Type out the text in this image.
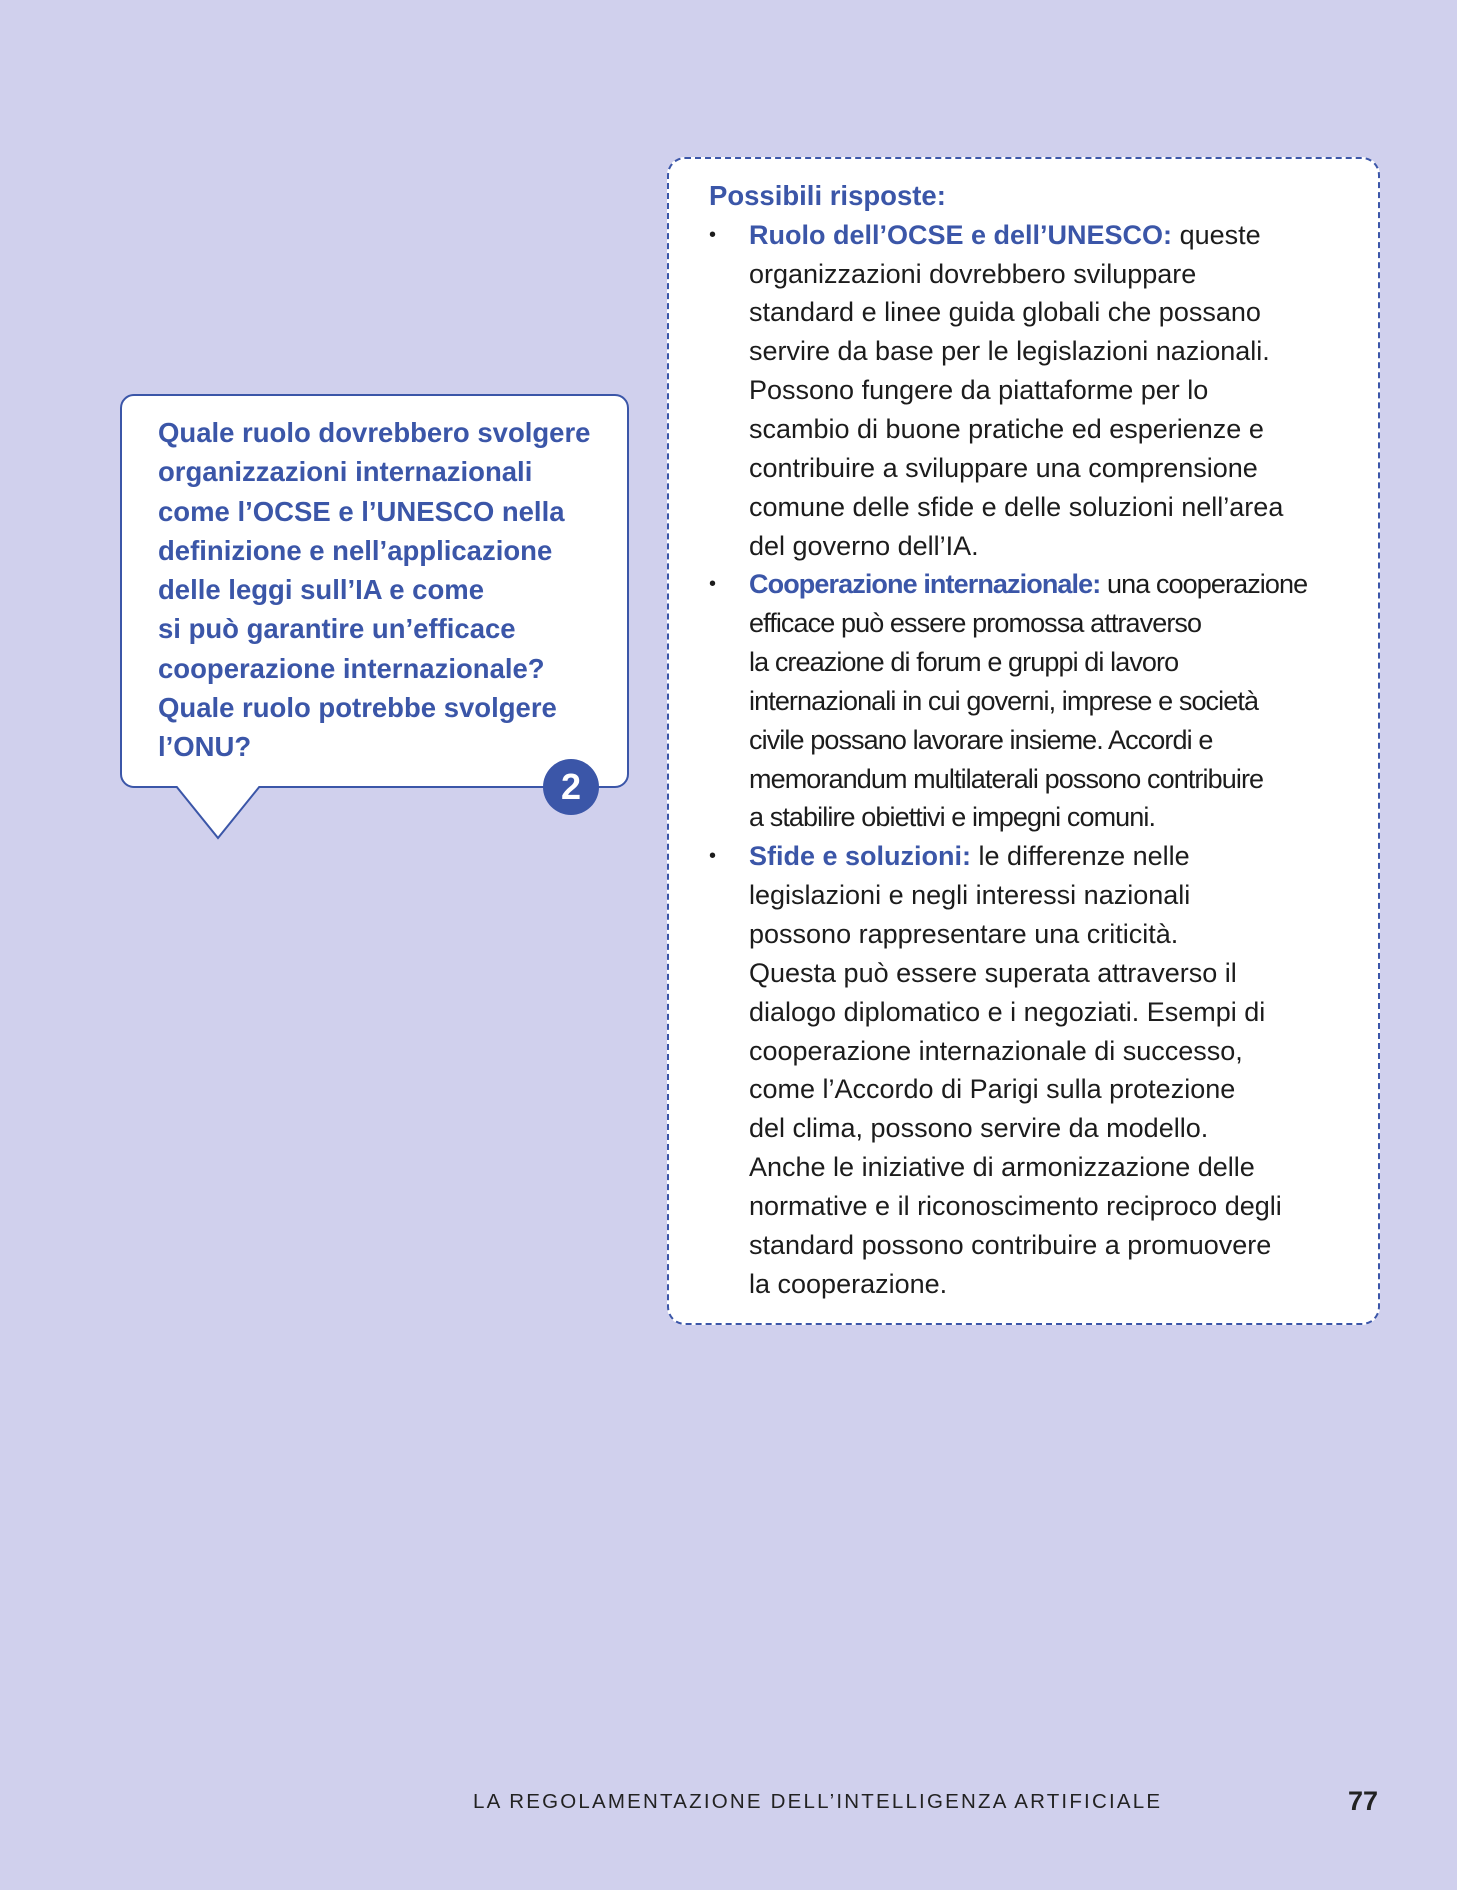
Quale ruolo dovrebbero svolgere
organizzazioni internazionali
come l’OCSE e l’UNESCO nella
definizione e nell’applicazione
delle leggi sull’IA e come
si può garantire un’efficace
cooperazione internazionale?
Quale ruolo potrebbe svolgere
l’ONU?

2

Possibili risposte:

• Ruolo dell’OCSE e dell’UNESCO: queste
organizzazioni dovrebbero sviluppare
standard e linee guida globali che possano
servire da base per le legislazioni nazionali.
Possono fungere da piattaforme per lo
scambio di buone pratiche ed esperienze e
contribuire a sviluppare una comprensione
comune delle sfide e delle soluzioni nell’area
del governo dell’IA.
• Cooperazione internazionale: una cooperazione
efficace può essere promossa attraverso
la creazione di forum e gruppi di lavoro
internazionali in cui governi, imprese e società
civile possano lavorare insieme. Accordi e
memorandum multilaterali possono contribuire
a stabilire obiettivi e impegni comuni.
• Sfide e soluzioni: le differenze nelle
legislazioni e negli interessi nazionali
possono rappresentare una criticità.
Questa può essere superata attraverso il
dialogo diplomatico e i negoziati. Esempi di
cooperazione internazionale di successo,
come l’Accordo di Parigi sulla protezione
del clima, possono servire da modello.
Anche le iniziative di armonizzazione delle
normative e il riconoscimento reciproco degli
standard possono contribuire a promuovere
la cooperazione.
LA REGOLAMENTAZIONE DELL’INTELLIGENZA ARTIFICIALE	77
